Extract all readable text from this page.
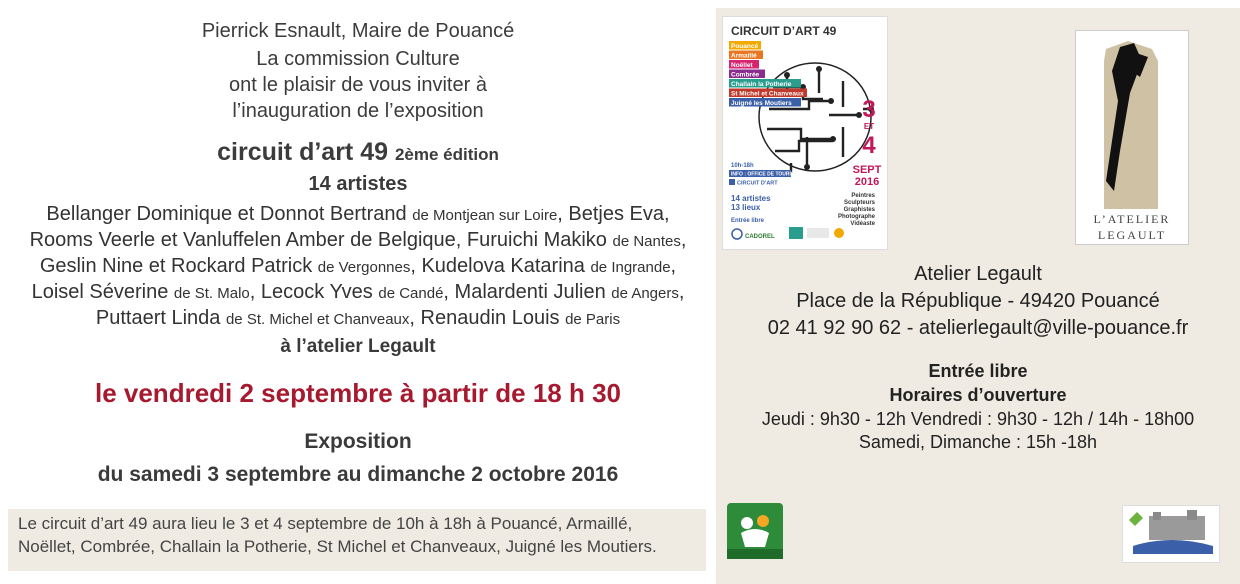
Pierrick Esnault, Maire de Pouancé
La commission Culture
ont le plaisir de vous inviter à
l’inauguration de l’exposition
circuit d’art 49 2ème édition
14 artistes
Bellanger Dominique et Donnot Bertrand de Montjean sur Loire, Betjes Eva,
Rooms Veerle et Vanluffelen Amber de Belgique, Furuichi Makiko de Nantes,
Geslin Nine et Rockard Patrick de Vergonnes, Kudelova Katarina de Ingrande,
Loisel Séverine de St. Malo, Lecock Yves de Candé, Malardenti Julien de Angers,
Puttaert Linda de St. Michel et Chanveaux, Renaudin Louis de Paris
à l’atelier Legault
le vendredi 2 septembre à partir de 18 h 30
Exposition
du samedi 3 septembre au dimanche 2 octobre 2016
Le circuit d’art 49 aura lieu le 3 et 4 septembre de 10h à 18h à Pouancé, Armaillé,
Noëllet, Combrée, Challain la Potherie, St Michel et Chanveaux, Juigné les Moutiers.
CIRCUIT D’ART 49
Pouancé
Armaillé
Noëllet
Combrée
Challain la Potherie
St Michel et Chanveaux
Juigné les Moutiers	3
ET
4
SEPT
2016
10h-18h
INFO : OFFICE DE TOURISME
CIRCUIT D’ART
14 artistes
13 lieux
Entrée libre
Peintres
Sculpteurs
Graphistes
Photographe
Vidéaste
CADOREL
L’ATELIER
LEGAULT
Atelier Legault
Place de la République - 49420 Pouancé
02 41 92 90 62 - atelierlegault@ville-pouance.fr
Entrée libre
Horaires d’ouverture
Jeudi : 9h30 - 12h Vendredi : 9h30 - 12h / 14h - 18h00
Samedi, Dimanche : 15h -18h
